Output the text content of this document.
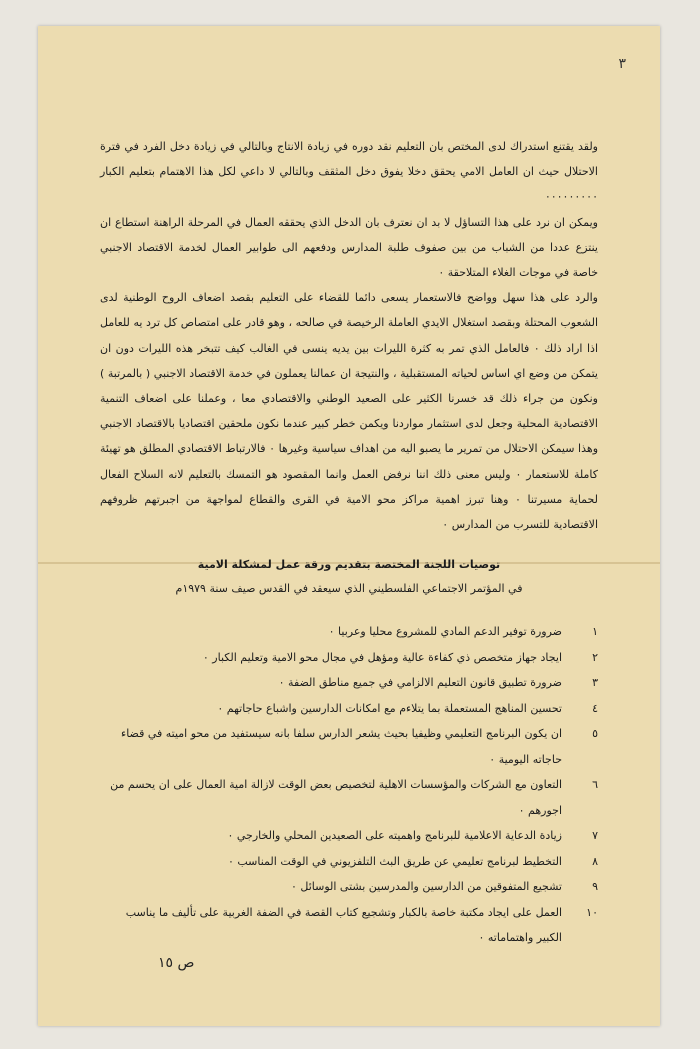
٣

ولقد يقتنع استدراك لدى المختص بان التعليم نقد دوره في زيادة الانتاج وبالتالي في زيادة دخل الفرد في فترة الاحتلال حيث ان العامل الامي يحقق دخلا يفوق دخل المثقف وبالتالي لا داعي لكل هذا الاهتمام بتعليم الكبار ٠٠٠٠٠٠٠٠٠

ويمكن ان نرد على هذا التساؤل لا بد ان نعترف بان الدخل الذي يحققه العمال في المرحلة الراهنة استطاع ان ينتزع عددا من الشباب من بين صفوف طلبة المدارس ودفعهم الى طوابير العمال لخدمة الاقتصاد الاجنبي خاصة في موجات الغلاء المتلاحقة ٠

والرد على هذا سهل وواضح فالاستعمار يسعى دائما للقضاء على التعليم بقصد اضعاف الروح الوطنية لدى الشعوب المحتلة وبقصد استغلال الايدي العاملة الرخيصة في صالحه ، وهو قادر على امتصاص كل ترد يه للعامل اذا اراد ذلك ٠ فالعامل الذي تمر به كثرة الليرات بين يديه ينسى في الغالب كيف تتبخر هذه الليرات دون ان يتمكن من وضع اي اساس لحياته المستقبلية ، والنتيجة ان عمالنا يعملون في خدمة الاقتصاد الاجنبي ( بالمرتبة ) ونكون من جراء ذلك قد خسرنا الكثير على الصعيد الوطني والاقتصادي معا ، وعملنا على اضعاف التنمية الاقتصادية المحلية وجعل لدى استثمار مواردنا ويكمن خطر كبير عندما نكون ملحقين اقتصاديا بالاقتصاد الاجنبي وهذا سيمكن الاحتلال من تمرير ما يصبو اليه من اهداف سياسية وغيرها ٠ فالارتباط الاقتصادي المطلق هو تهيئة كاملة للاستعمار ٠ وليس معنى ذلك اننا نرفض العمل وانما المقصود هو التمسك بالتعليم لانه السلاح الفعال لحماية مسيرتنا ٠ وهنا تبرز اهمية مراكز محو الامية في القرى والقطاع لمواجهة من اجبرتهم ظروفهم الاقتصادية للتسرب من المدارس ٠

توصيات اللجنة المختصة بتقديم ورقة عمل لمشكلة الامية

في المؤتمر الاجتماعي الفلسطيني الذي سيعقد في القدس صيف سنة ١٩٧٩م

١
ضرورة توفير الدعم المادي للمشروع محليا وعربيا ٠
٢
ايجاد جهاز متخصص ذي كفاءة عالية ومؤهل في مجال محو الامية وتعليم الكبار ٠
٣
ضرورة تطبيق قانون التعليم الالزامي في جميع مناطق الضفة ٠
٤
تحسين المناهج المستعملة بما يتلاءم مع امكانات الدارسين واشباع حاجاتهم ٠
٥
ان يكون البرنامج التعليمي وظيفيا بحيث يشعر الدارس سلفا بانه سيستفيد من محو اميته في قضاء حاجاته اليومية ٠
٦
التعاون مع الشركات والمؤسسات الاهلية لتخصيص بعض الوقت لازالة امية العمال على ان يحسم من اجورهم ٠
٧
زيادة الدعاية الاعلامية للبرنامج واهميته على الصعيدين المحلي والخارجي ٠
٨
التخطيط لبرنامج تعليمي عن طريق البث التلفزيوني في الوقت المناسب ٠
٩
تشجيع المتفوقين من الدارسين والمدرسين بشتى الوسائل ٠
١٠
العمل على ايجاد مكتبة خاصة بالكبار وتشجيع كتاب القصة في الضفة الغربية على تأليف ما يناسب الكبير واهتماماته ٠
ص ١٥
